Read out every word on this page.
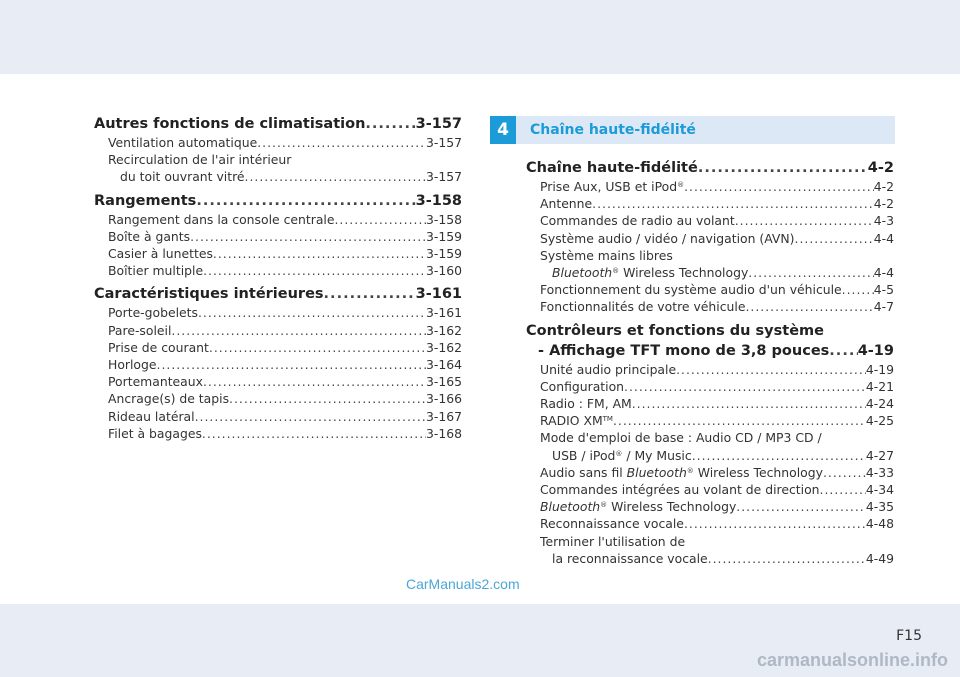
Autres fonctions de climatisation .....	3-157
Ventilation automatique .....	3-157
Recirculation de l'air intérieur
du toit ouvrant vitré .....	3-157
Rangements .....	3-158
Rangement dans la console centrale .....	3-158
Boîte à gants .....	3-159
Casier à lunettes .....	3-159
Boîtier multiple .....	3-160
Caractéristiques intérieures .....	3-161
Porte-gobelets .....	3-161
Pare-soleil .....	3-162
Prise de courant .....	3-162
Horloge .....	3-164
Portemanteaux .....	3-165
Ancrage(s) de tapis .....	3-166
Rideau latéral .....	3-167
Filet à bagages .....	3-168
4	Chaîne haute-fidélité
Chaîne haute-fidélité .....	4-2
Prise Aux, USB et iPod® .....	4-2
Antenne .....	4-2
Commandes de radio au volant .....	4-3
Système audio / vidéo / navigation (AVN) .....	4-4
Système mains libres
Bluetooth® Wireless Technology .....	4-4
Fonctionnement du système audio d'un véhicule .....	4-5
Fonctionnalités de votre véhicule .....	4-7
Contrôleurs et fonctions du système
- Affichage TFT mono de 3,8 pouces ..... 4-19
Unité audio principale .....	4-19
Configuration .....	4-21
Radio : FM, AM .....	4-24
RADIO XM™ .....	4-25
Mode d'emploi de base : Audio CD / MP3 CD /
USB / iPod® / My Music .....	4-27
Audio sans fil Bluetooth® Wireless Technology .....	4-33
Commandes intégrées au volant de direction .....	4-34
Bluetooth® Wireless Technology .....	4-35
Reconnaissance vocale .....	4-48
Terminer l'utilisation de
la reconnaissance vocale .....	4-49
CarManuals2.com
F15
carmanualsonline.info
